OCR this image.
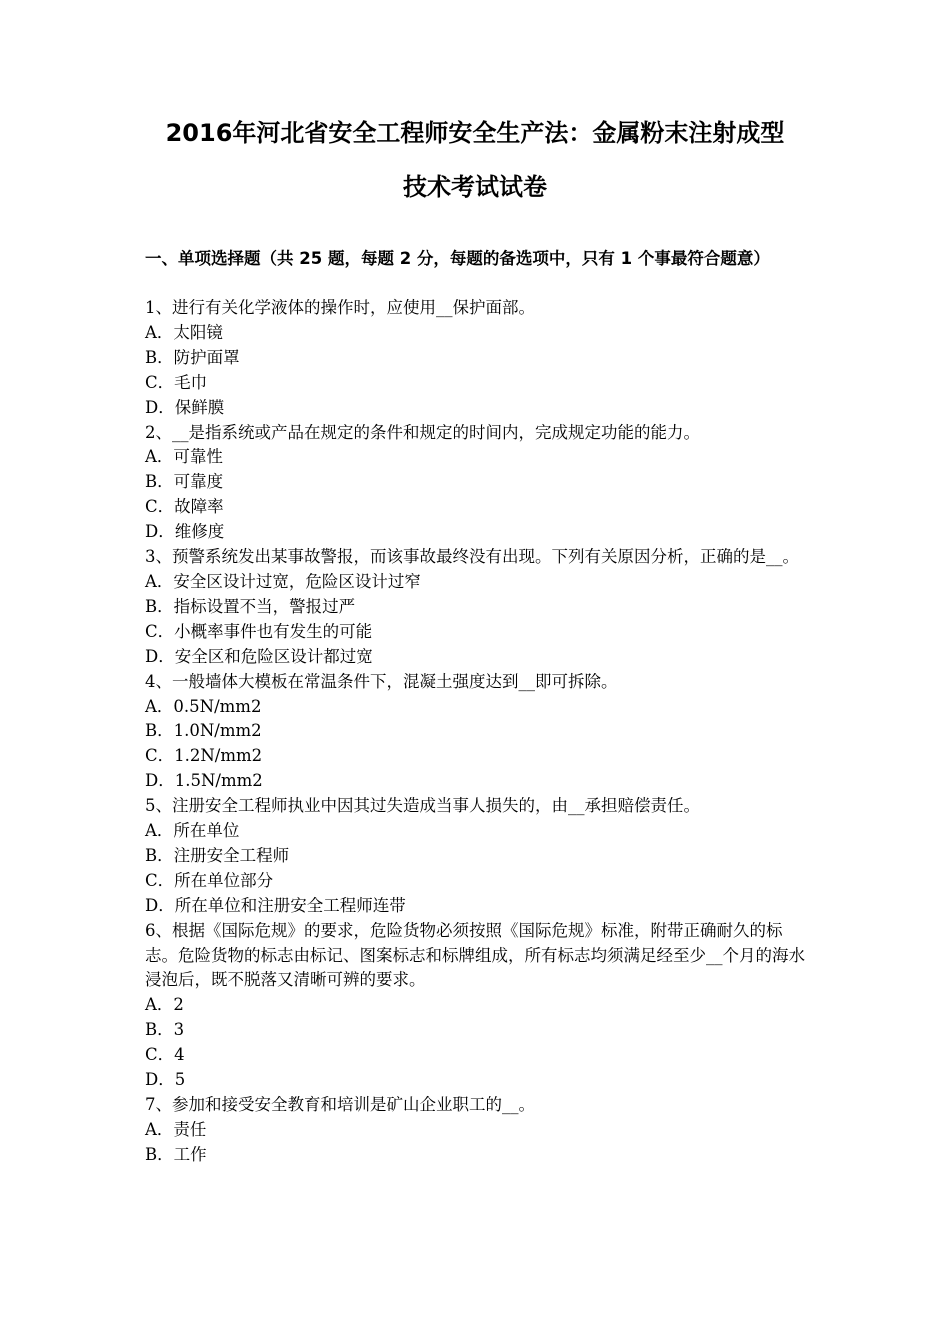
2016年河北省安全工程师安全生产法：金属粉末注射成型
技术考试试卷
一、单项选择题（共 25 题，每题 2 分，每题的备选项中，只有 1 个事最符合题意）

1、进行有关化学液体的操作时，应使用__保护面部。

A．太阳镜

B．防护面罩

C．毛巾

D．保鲜膜

2、__是指系统或产品在规定的条件和规定的时间内，完成规定功能的能力。

A．可靠性

B．可靠度

C．故障率

D．维修度

3、预警系统发出某事故警报，而该事故最终没有出现。下列有关原因分析，正确的是__。

A．安全区设计过宽，危险区设计过窄

B．指标设置不当，警报过严

C．小概率事件也有发生的可能

D．安全区和危险区设计都过宽

4、一般墙体大模板在常温条件下，混凝土强度达到__即可拆除。

A．0.5N/mm2

B．1.0N/mm2

C．1.2N/mm2

D．1.5N/mm2

5、注册安全工程师执业中因其过失造成当事人损失的，由__承担赔偿责任。

A．所在单位

B．注册安全工程师

C．所在单位部分

D．所在单位和注册安全工程师连带

6、根据《国际危规》的要求，危险货物必须按照《国际危规》标准，附带正确耐久的标志。危险货物的标志由标记、图案标志和标牌组成，所有标志均须满足经至少__个月的海水浸泡后，既不脱落又清晰可辨的要求。

A．2

B．3

C．4

D．5

7、参加和接受安全教育和培训是矿山企业职工的__。

A．责任

B．工作
